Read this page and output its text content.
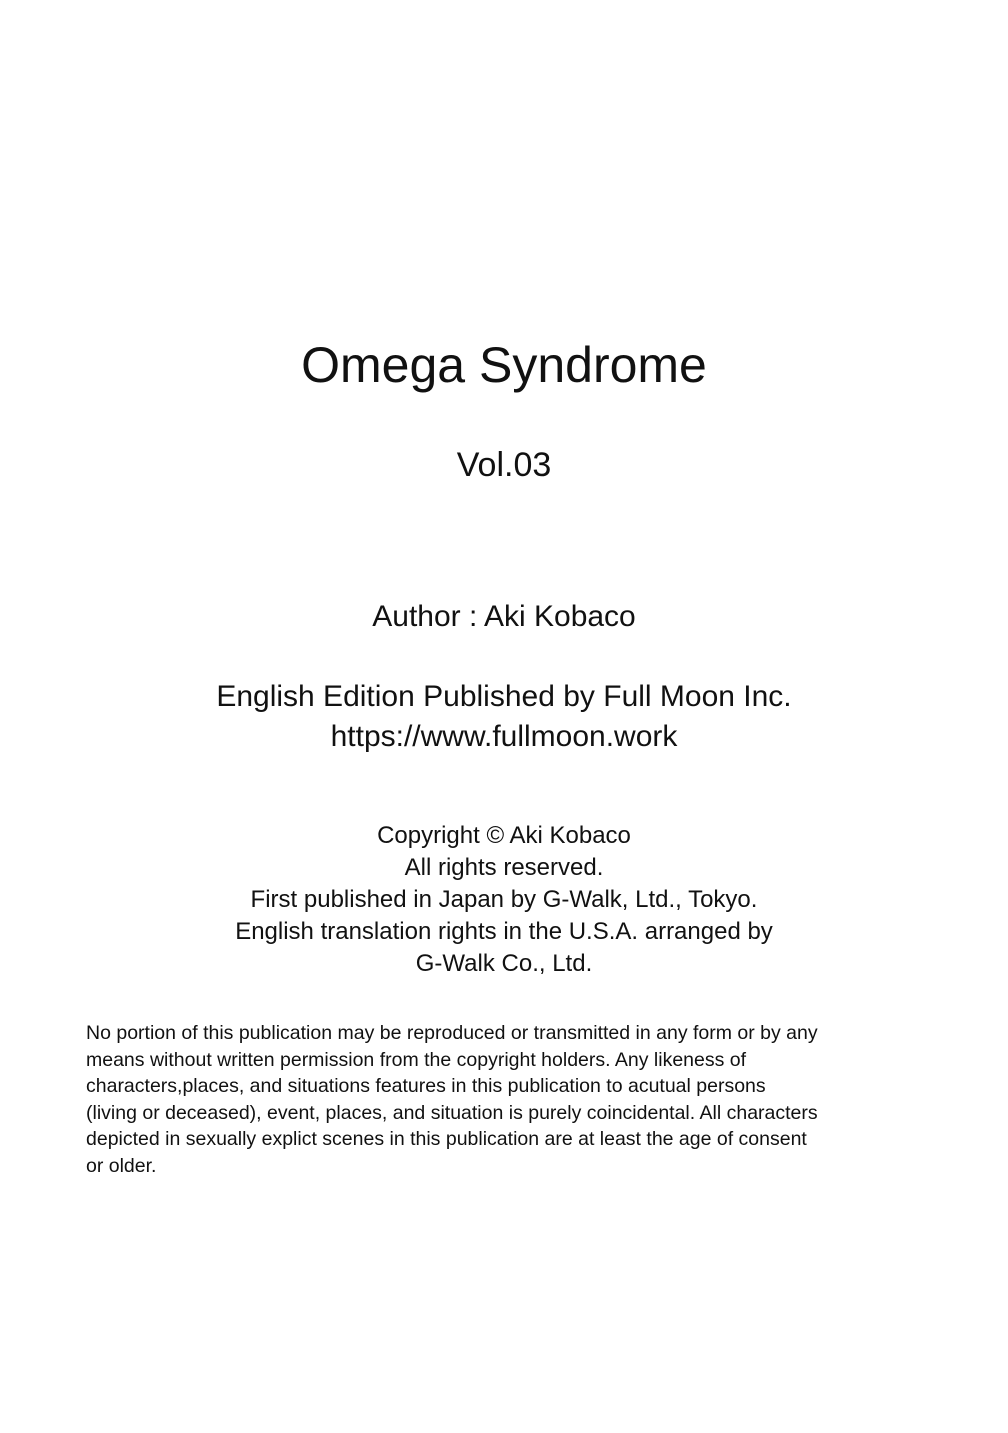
Omega Syndrome
Vol.03
Author : Aki Kobaco
English Edition Published by Full Moon Inc.
https://www.fullmoon.work
Copyright © Aki Kobaco
All rights reserved.
First published in Japan by G-Walk, Ltd., Tokyo.
English translation rights in the U.S.A. arranged by
G-Walk Co., Ltd.
No portion of this publication may be reproduced or transmitted in any form or by any
means without written permission from the copyright holders. Any likeness of
characters,places, and situations features in this publication to acutual persons
(living or deceased), event, places, and situation is purely coincidental. All characters
depicted in sexually explict scenes in this publication are at least the age of consent
or older.
